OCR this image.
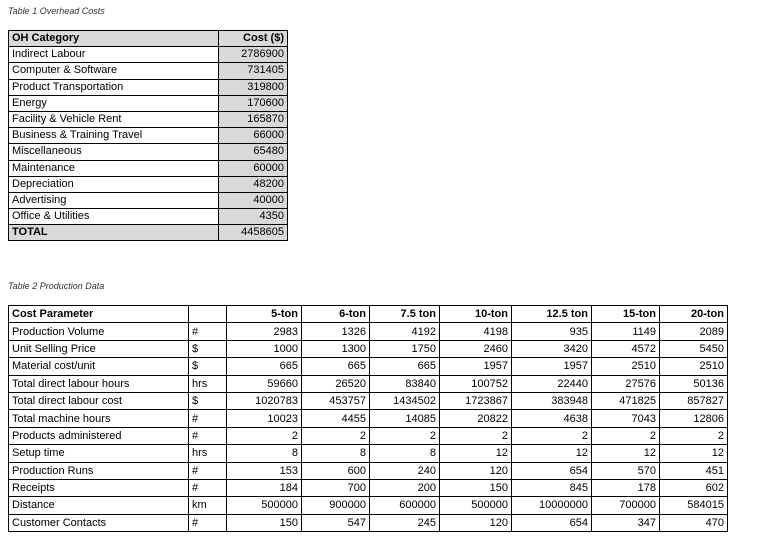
Table 1 Overhead Costs
OH Category	Cost ($)
Indirect Labour	2786900
Computer & Software	731405
Product Transportation	319800
Energy	170600
Facility & Vehicle Rent	165870
Business & Training Travel	66000
Miscellaneous	65480
Maintenance	60000
Depreciation	48200
Advertising	40000
Office & Utilities	4350
TOTAL	4458605
Table 2 Production Data
Cost Parameter		5-ton	6-ton	7.5 ton	10-ton	12.5 ton	15-ton	20-ton
Production Volume	#	2983	1326	4192	4198	935	1149	2089
Unit Selling Price	$	1000	1300	1750	2460	3420	4572	5450
Material cost/unit	$	665	665	665	1957	1957	2510	2510
Total direct labour hours	hrs	59660	26520	83840	100752	22440	27576	50136
Total direct labour cost	$	1020783	453757	1434502	1723867	383948	471825	857827
Total machine hours	#	10023	4455	14085	20822	4638	7043	12806
Products administered	#	2	2	2	2	2	2	2
Setup time	hrs	8	8	8	12	12	12	12
Production Runs	#	153	600	240	120	654	570	451
Receipts	#	184	700	200	150	845	178	602
Distance	km	500000	900000	600000	500000	10000000	700000	584015
Customer Contacts	#	150	547	245	120	654	347	470
